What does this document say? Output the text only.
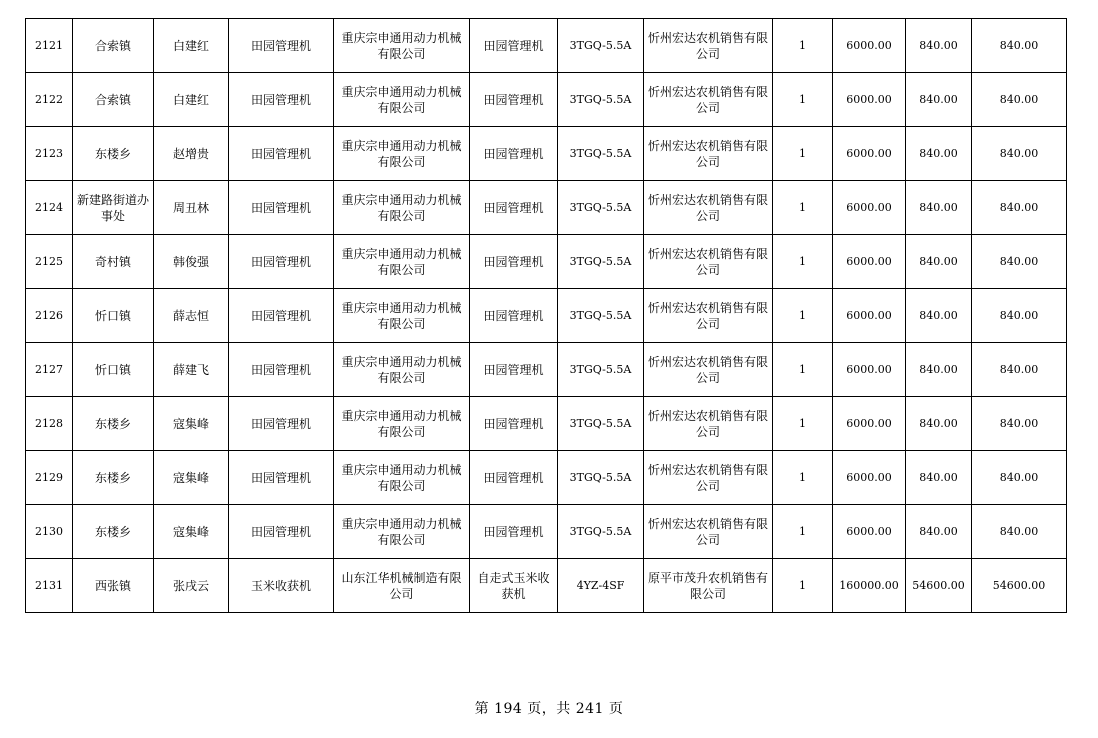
2121	合索镇	白建红	田园管理机	重庆宗申通用动力机械有限公司	田园管理机	3TGQ-5.5A	忻州宏达农机销售有限公司	1	6000.00	840.00	840.00
2122	合索镇	白建红	田园管理机	重庆宗申通用动力机械有限公司	田园管理机	3TGQ-5.5A	忻州宏达农机销售有限公司	1	6000.00	840.00	840.00
2123	东楼乡	赵增贵	田园管理机	重庆宗申通用动力机械有限公司	田园管理机	3TGQ-5.5A	忻州宏达农机销售有限公司	1	6000.00	840.00	840.00
2124	新建路街道办事处	周丑林	田园管理机	重庆宗申通用动力机械有限公司	田园管理机	3TGQ-5.5A	忻州宏达农机销售有限公司	1	6000.00	840.00	840.00
2125	奇村镇	韩俊强	田园管理机	重庆宗申通用动力机械有限公司	田园管理机	3TGQ-5.5A	忻州宏达农机销售有限公司	1	6000.00	840.00	840.00
2126	忻口镇	薛志恒	田园管理机	重庆宗申通用动力机械有限公司	田园管理机	3TGQ-5.5A	忻州宏达农机销售有限公司	1	6000.00	840.00	840.00
2127	忻口镇	薛建飞	田园管理机	重庆宗申通用动力机械有限公司	田园管理机	3TGQ-5.5A	忻州宏达农机销售有限公司	1	6000.00	840.00	840.00
2128	东楼乡	寇集峰	田园管理机	重庆宗申通用动力机械有限公司	田园管理机	3TGQ-5.5A	忻州宏达农机销售有限公司	1	6000.00	840.00	840.00
2129	东楼乡	寇集峰	田园管理机	重庆宗申通用动力机械有限公司	田园管理机	3TGQ-5.5A	忻州宏达农机销售有限公司	1	6000.00	840.00	840.00
2130	东楼乡	寇集峰	田园管理机	重庆宗申通用动力机械有限公司	田园管理机	3TGQ-5.5A	忻州宏达农机销售有限公司	1	6000.00	840.00	840.00
2131	西张镇	张戌云	玉米收获机	山东江华机械制造有限公司	自走式玉米收获机	4YZ-4SF	原平市茂升农机销售有限公司	1	160000.00	54600.00	54600.00
第 194 页，共 241 页
